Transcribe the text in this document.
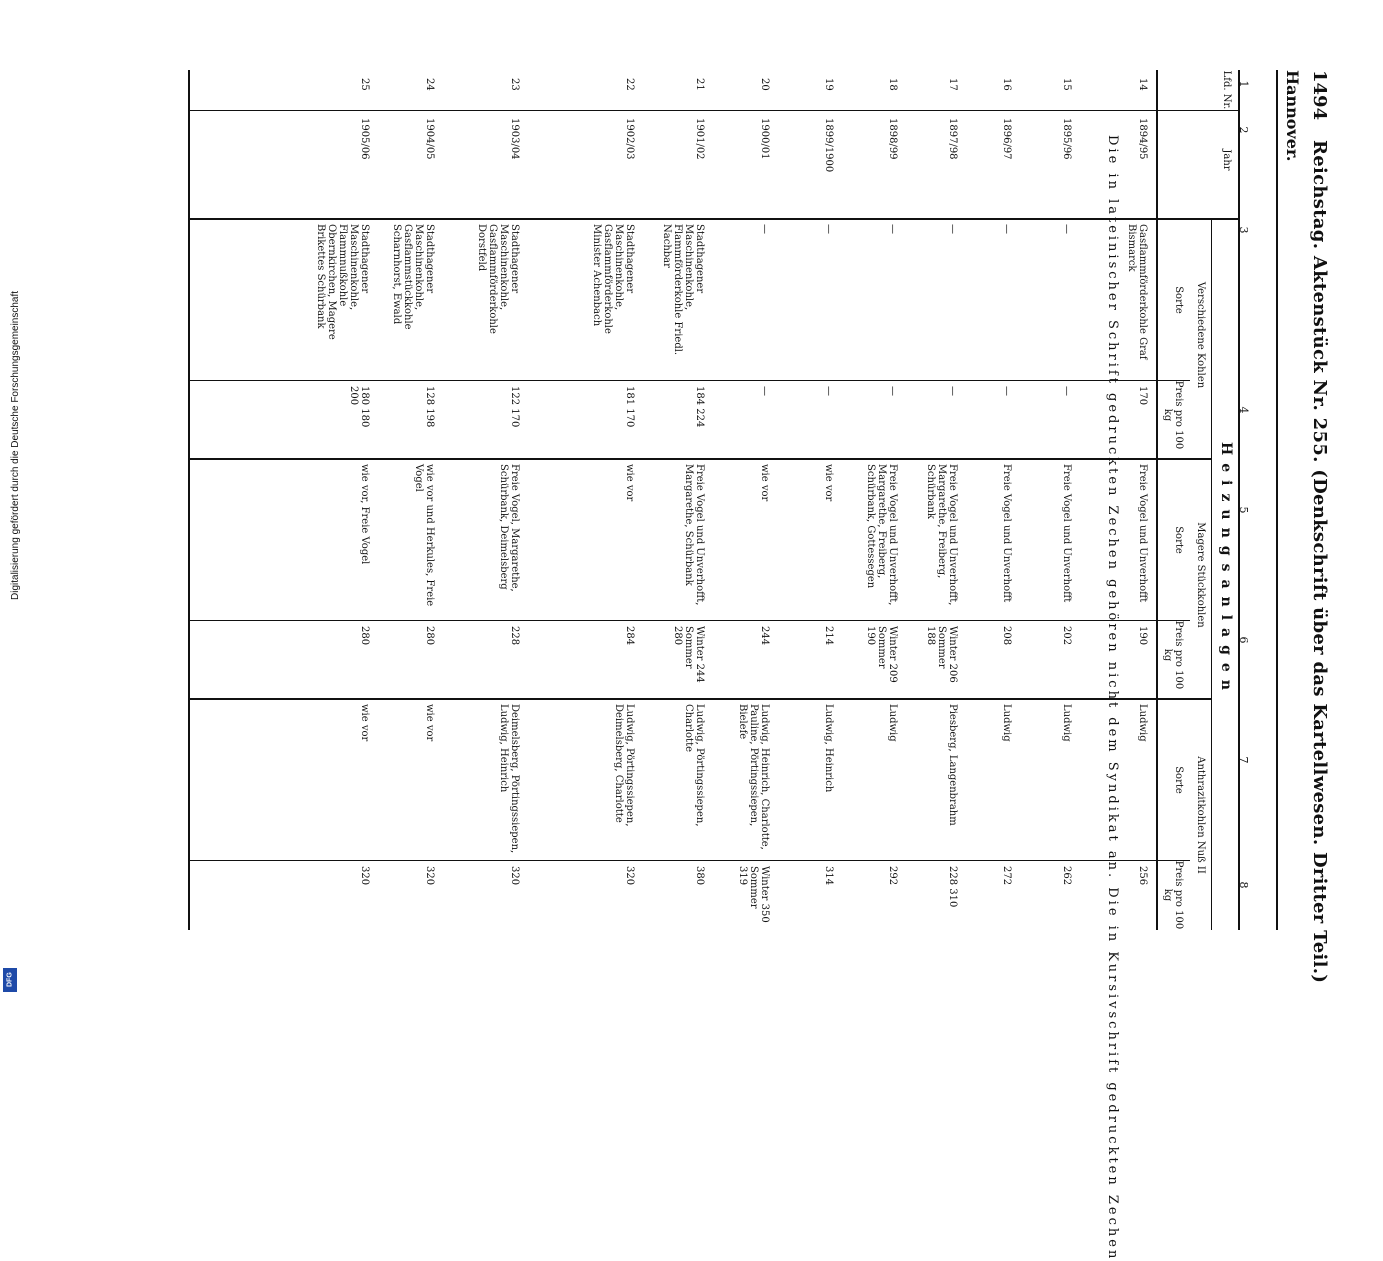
1494
Reichstag. Aktenstück Nr. 255. (Denkschrift über das Kartellwesen. Dritter Teil.)
Hannover.
1
2
3
4
5
6
7
8
Heizungsanlagen
Lfd. Nr.
Jahr
Verschiedene Kohlen
Magere Stückkohlen
Anthrazitkohlen Nuß II
Sorte
Preis pro 100 kg
Sorte
Preis pro 100 kg
Sorte
Preis pro 100 kg
14
1894/95
Gasflammförderkohle Graf Bismarck
170
Freie Vogel und Unverhofft
190
Ludwig
256
15
1895/96
—
—
Freie Vogel und Unverhofft
202
Ludwig
262
16
1896/97
—
—
Freie Vogel und Unverhofft
208
Ludwig
272
17
1897/98
—
—
Freie Vogel und Unverhofft, Margarethe, Freiberg, Schürbank
Winter 206 Sommer 188
Piesberg, Langenbrahm
228 310
18
1898/99
—
—
Freie Vogel und Unverhofft, Margarethe, Freiberg, Schürbank, Gottessegen
Winter 209 Sommer 190
Ludwig
292
19
1899/1900
—
—
wie vor
214
Ludwig, Heinrich
314
20
1900/01
—
—
wie vor
244
Ludwig, Heinrich, Charlotte, Pauline, Pörtingssiepen, Bielefe
Winter 350 Sommer 319
21
1901/02
Stadthagener Maschinenkohle, Flammförderkohle Friedl. Nachbar
184 224
Freie Vogel und Unverhofft, Margarethe, Schürbank
Winter 244 Sommer 280
Ludwig, Pörtingssiepen, Charlotte
380
22
1902/03
Stadthagener Maschinenkohle, Gasflammförderkohle Minister Achenbach
181 170
wie vor
284
Ludwig, Pörtingssiepen, Deimelsberg, Charlotte
320
23
1903/04
Stadthagener Maschinenkohle, Gasflammförderkohle Dorstfeld
122 170
Freie Vogel, Margarethe, Schürbank, Deimelsberg
228
Deimelsberg, Pörtingssiepen, Ludwig, Heinrich
320
24
1904/05
Stadthagener Maschinenkohle, Gasflammstückkohle Scharnhorst, Ewald
128 198
wie vor und Herkules, Freie Vogel
280
wie vor
320
25
1905/06
Stadthagener Maschinenkohle, Flammnußkohle Obernkirchen, Magere Brikettes Schürbank
180 180 200
wie vor, Freie Vogel
280
wie vor
320	Die in lateinischer Schrift gedruckten Zechen gehören nicht dem Syndikat an. Die in Kursivschrift gedruckten Zechen
Digitalisierung gefördert durch die Deutsche Forschungsgemeinschaft
DFG
